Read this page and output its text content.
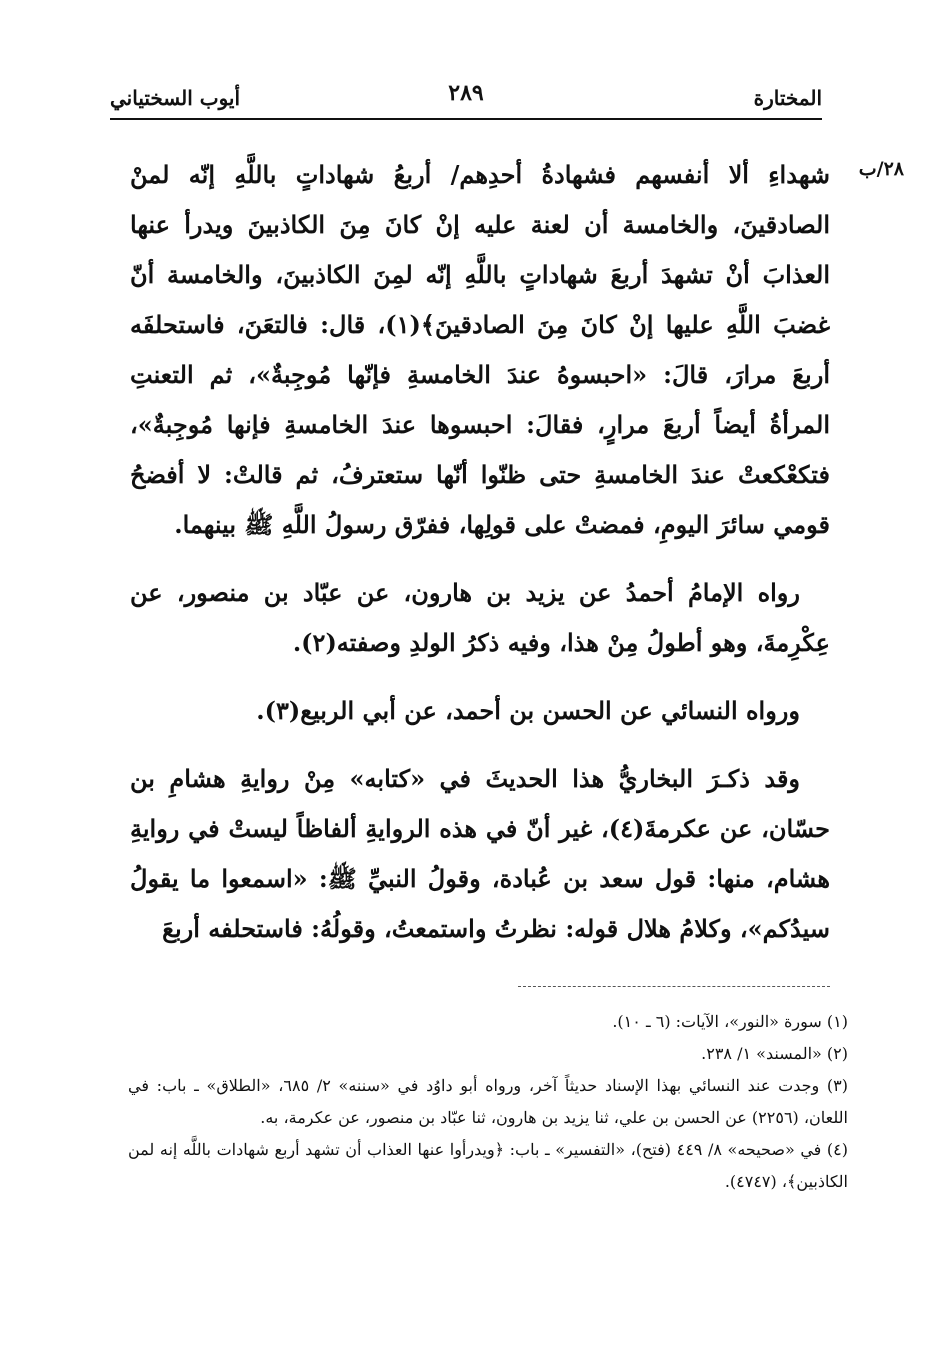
المختارة
٢٨٩
أيوب السختياني
٢٨/ب

شهداءِ ألا أنفسهم فشهادةُ أحدِهم/ أربعُ شهاداتٍ باللَّهِ إنّه لمنْ الصادقينَ، والخامسة أن لعنة عليه إنْ كانَ مِنَ الكاذبينَ ويدرأ عنها العذابَ أنْ تشهدَ أربعَ شهاداتٍ باللَّهِ إنّه لمِنَ الكاذبينَ، والخامسة أنّ غضبَ اللَّهِ عليها إنْ كانَ مِنَ الصادقينَ﴾(١)، قال: فالتعَنَ، فاستحلفَه أربعَ مرارَ، قالَ: «احبسوهُ عندَ الخامسةِ فإنّها مُوجِبةٌ»، ثم التعنتِ المرأةُ أيضاً أربعَ مرارٍ، فقالَ: احبسوها عندَ الخامسةِ فإنها مُوجِبةٌ»، فتكعْكعتْ عندَ الخامسةِ حتى ظنّوا أنّها ستعترفُ، ثم قالتْ: لا أفضحُ قومي سائرَ اليومِ، فمضتْ على قولِها، ففرّق رسولُ اللَّهِ ﷺ بينهما.

رواه الإمامُ أحمدُ عن يزيد بن هارون، عن عبّاد بن منصور، عن عِكْرِمةَ، وهو أطولُ مِنْ هذا، وفيه ذكرُ الولدِ وصفته(٢).

ورواه النسائي عن الحسن بن أحمد، عن أبي الربيع(٣).

وقد ذكـرَ البخاريُّ هذا الحديثَ في «كتابه» مِنْ روايةِ هشامِ بن حسّان، عن عكرمةَ(٤)، غير أنّ في هذه الروايةِ ألفاظاً ليستْ في روايةِ هشام، منها: قول سعد بن عُبادة، وقولُ النبيِّ ﷺ: «اسمعوا ما يقولُ سيدُكم»، وكلامُ هلال قوله: نظرتُ واستمعتُ، وقولُهُ: فاستحلفه أربعَ

(١) سورة «النور»، الآيات: (٦ ـ ١٠).

(٢) «المسند» ١/ ٢٣٨.

(٣) وجدت عند النسائي بهذا الإسناد حديثاً آخر، ورواه أبو داوُد في «سننه» ٢/ ٦٨٥، «الطلاق» ـ باب: في اللعان، (٢٢٥٦) عن الحسن بن علي، ثنا يزيد بن هارون، ثنا عبّاد بن منصور، عن عكرمة، به.

(٤) في «صحيحه» ٨/ ٤٤٩ (فتح)، «التفسير» ـ باب: ﴿ويدرأوا عنها العذاب أن تشهد أربع شهادات باللَّه إنه لمن الكاذبين﴾، (٤٧٤٧).
